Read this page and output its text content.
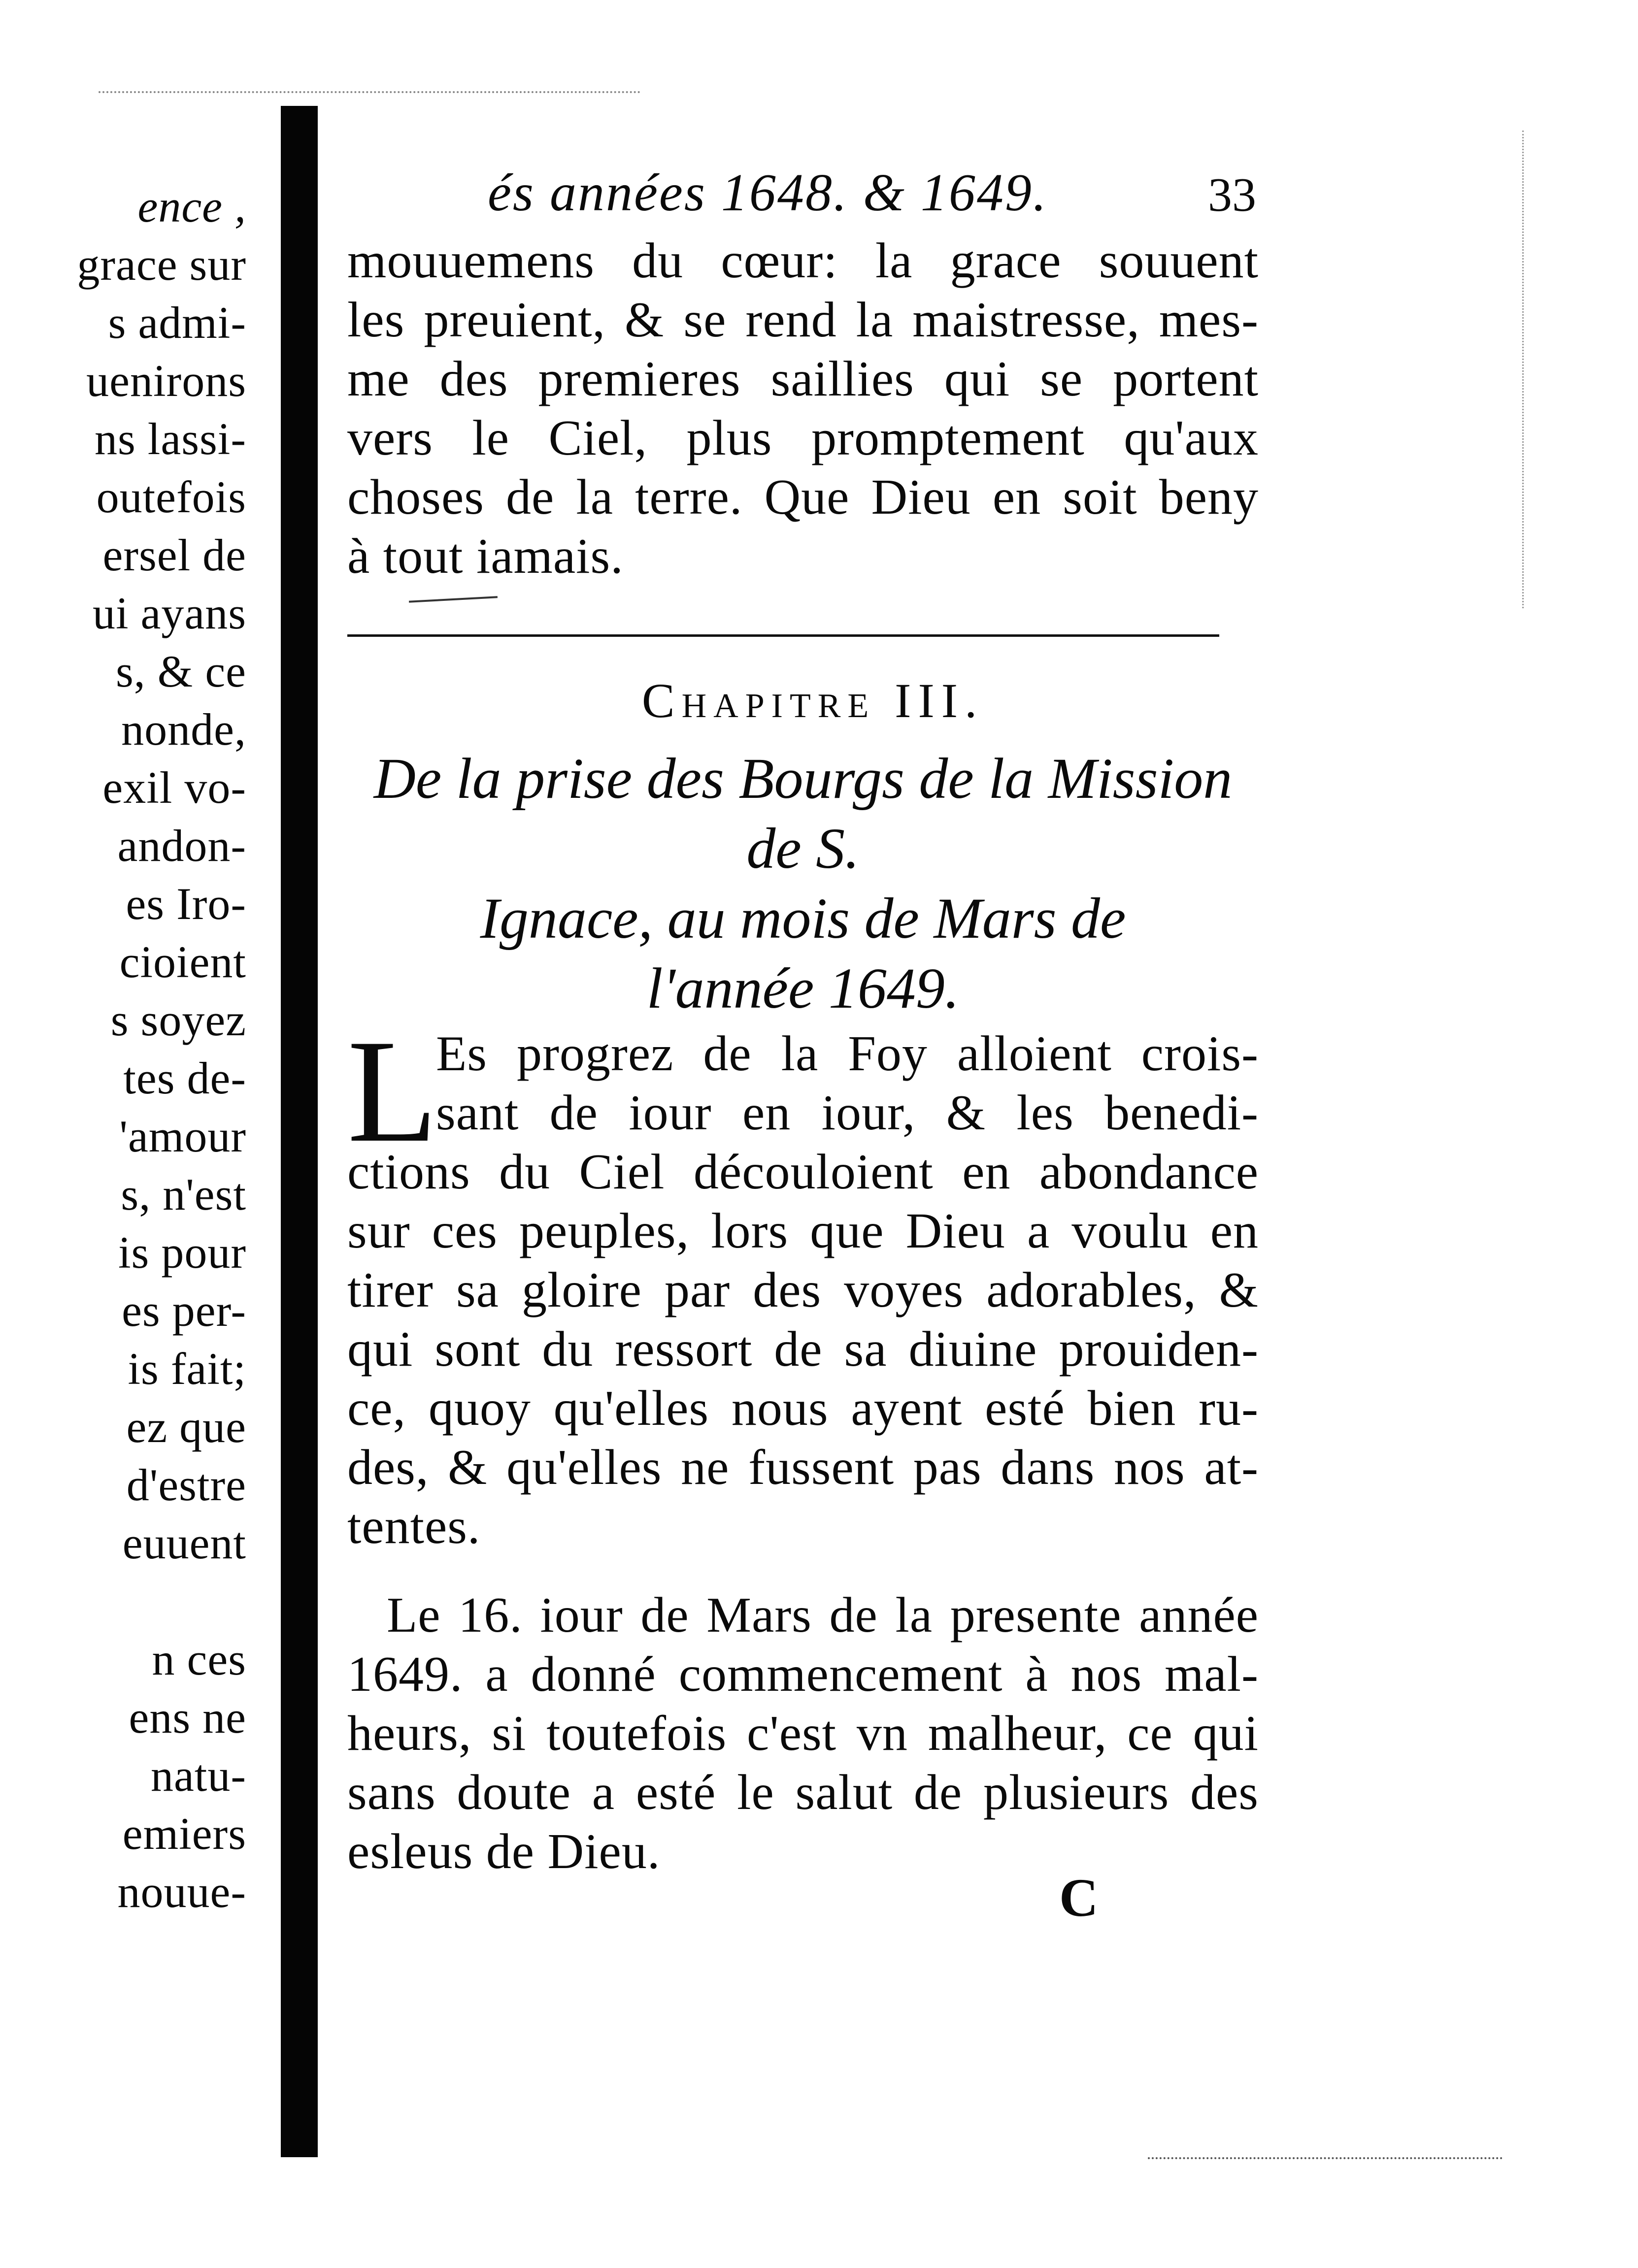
ence ,
grace sur
s admi-
uenirons
ns lassi-
outefois
ersel de
ui ayans
s, & ce
nonde,
exil vo-
andon-
es Iro-
cioient
s soyez
tes de-
'amour
s, n'est
is pour
es per-
is fait;
ez que
d'estre
euuent
n ces
ens ne
natu-
emiers
nouue-
és années 1648. & 1649.	33
mouuemens du cœur: la grace souuent
les preuient, & se rend la maistresse, mes-
me des premieres saillies qui se portent
vers le Ciel, plus promptement qu'aux
choses de la terre. Que Dieu en soit beny
à tout iamais.
Chapitre III.
De la prise des Bourgs de la Mission de S.
Ignace, au mois de Mars de
l'année 1649.
L
Es progrez de la Foy alloient crois-
sant de iour en iour, & les benedi-
ctions du Ciel découloient en abondance
sur ces peuples, lors que Dieu a voulu en
tirer sa gloire par des voyes adorables, &
qui sont du ressort de sa diuine prouiden-
ce, quoy qu'elles nous ayent esté bien ru-
des, & qu'elles ne fussent pas dans nos at-
tentes.
Le 16. iour de Mars de la presente année
1649. a donné commencement à nos mal-
heurs, si toutefois c'est vn malheur, ce qui
sans doute a esté le salut de plusieurs des
esleus de Dieu.
C
